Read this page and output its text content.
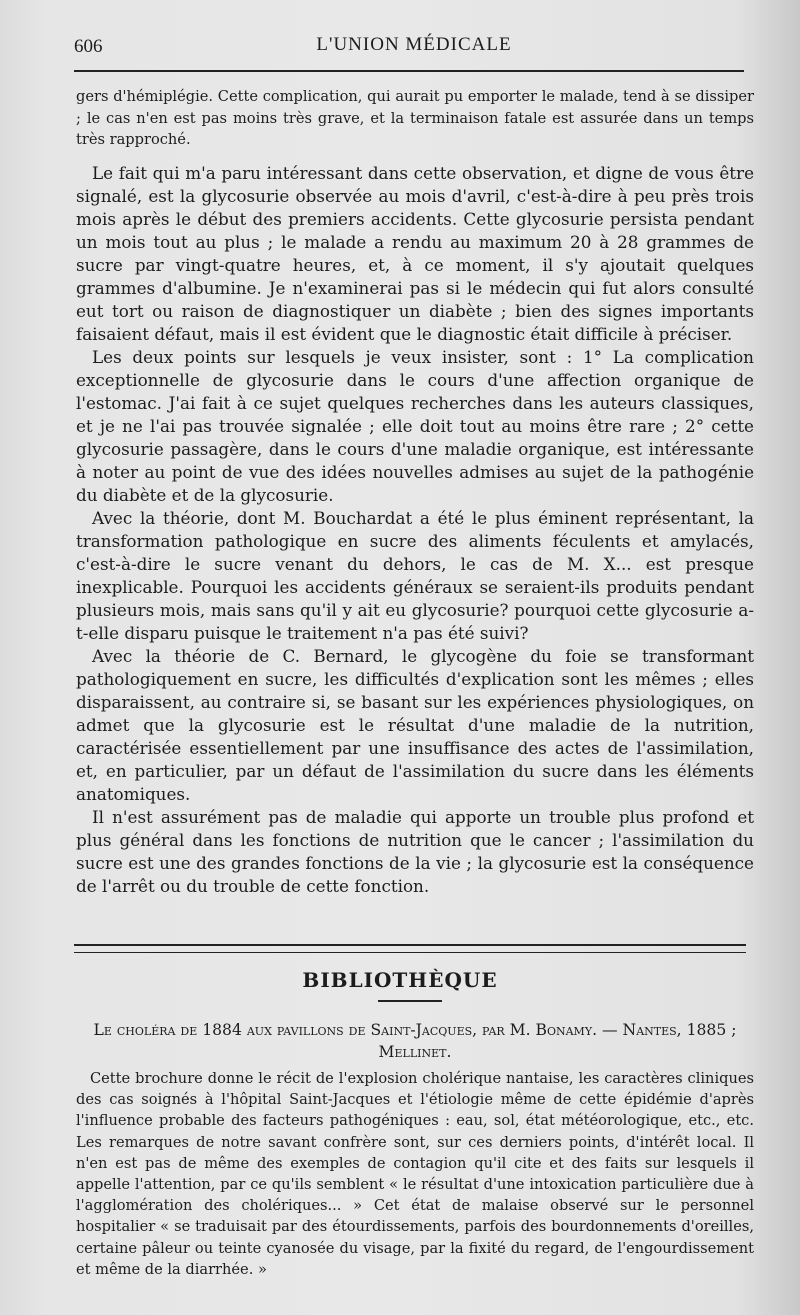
606	L'UNION MÉDICALE

gers d'hémiplégie. Cette complication, qui aurait pu emporter le malade, tend à se dissiper ; le cas n'en est pas moins très grave, et la terminaison fatale est assurée dans un temps très rapproché.

Le fait qui m'a paru intéressant dans cette observation, et digne de vous être signalé, est la glycosurie observée au mois d'avril, c'est-à-dire à peu près trois mois après le début des premiers accidents. Cette glycosurie persista pendant un mois tout au plus ; le malade a rendu au maximum 20 à 28 grammes de sucre par vingt-quatre heures, et, à ce moment, il s'y ajoutait quelques grammes d'albumine. Je n'examinerai pas si le médecin qui fut alors consulté eut tort ou raison de diagnostiquer un diabète ; bien des signes importants faisaient défaut, mais il est évident que le diagnostic était difficile à préciser.

Les deux points sur lesquels je veux insister, sont : 1° La complication exceptionnelle de glycosurie dans le cours d'une affection organique de l'estomac. J'ai fait à ce sujet quelques recherches dans les auteurs classiques, et je ne l'ai pas trouvée signalée ; elle doit tout au moins être rare ; 2° cette glycosurie passagère, dans le cours d'une maladie organique, est intéressante à noter au point de vue des idées nouvelles admises au sujet de la pathogénie du diabète et de la glycosurie.

Avec la théorie, dont M. Bouchardat a été le plus éminent représentant, la transformation pathologique en sucre des aliments féculents et amylacés, c'est-à-dire le sucre venant du dehors, le cas de M. X... est presque inexplicable. Pourquoi les accidents généraux se seraient-ils produits pendant plusieurs mois, mais sans qu'il y ait eu glycosurie? pourquoi cette glycosurie a-t-elle disparu puisque le traitement n'a pas été suivi?

Avec la théorie de C. Bernard, le glycogène du foie se transformant pathologiquement en sucre, les difficultés d'explication sont les mêmes ; elles disparaissent, au contraire si, se basant sur les expériences physiologiques, on admet que la glycosurie est le résultat d'une maladie de la nutrition, caractérisée essentiellement par une insuffisance des actes de l'assimilation, et, en particulier, par un défaut de l'assimilation du sucre dans les éléments anatomiques.

Il n'est assurément pas de maladie qui apporte un trouble plus profond et plus général dans les fonctions de nutrition que le cancer ; l'assimilation du sucre est une des grandes fonctions de la vie ; la glycosurie est la conséquence de l'arrêt ou du trouble de cette fonction.

BIBLIOTHÈQUE
Le choléra de 1884 aux pavillons de Saint-Jacques, par M. Bonamy. — Nantes, 1885 ; Mellinet.

Cette brochure donne le récit de l'explosion cholérique nantaise, les caractères cliniques des cas soignés à l'hôpital Saint-Jacques et l'étiologie même de cette épidémie d'après l'influence probable des facteurs pathogéniques : eau, sol, état météorologique, etc., etc. Les remarques de notre savant confrère sont, sur ces derniers points, d'intérêt local. Il n'en est pas de même des exemples de contagion qu'il cite et des faits sur lesquels il appelle l'attention, par ce qu'ils semblent « le résultat d'une intoxication particulière due à l'agglomération des cholériques... » Cet état de malaise observé sur le personnel hospitalier « se traduisait par des étourdissements, parfois des bourdonnements d'oreilles, certaine pâleur ou teinte cyanosée du visage, par la fixité du regard, de l'engourdissement et même de la diarrhée. »
